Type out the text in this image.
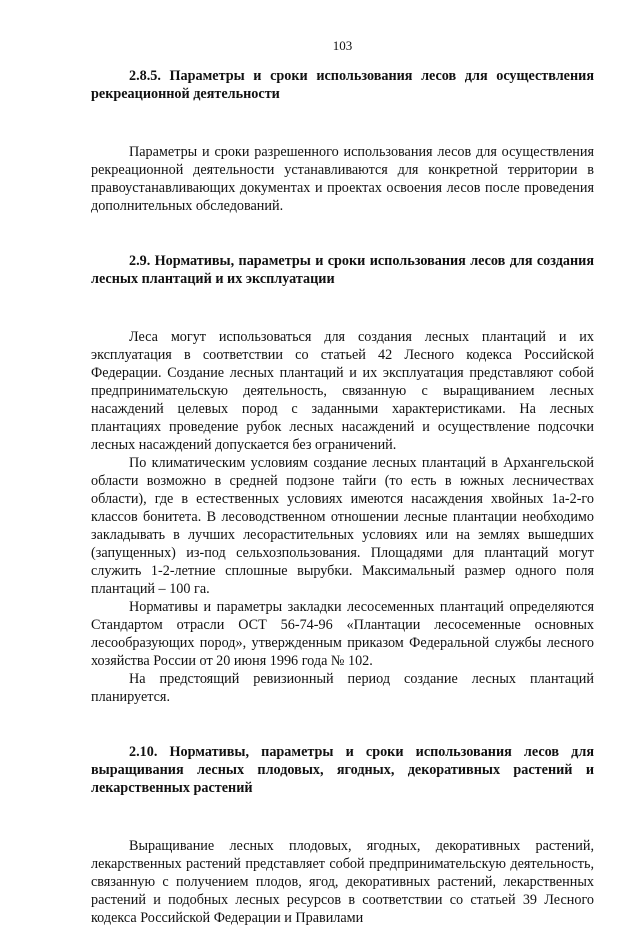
103

2.8.5. Параметры и сроки использования лесов для осуществления рекреационной деятельности

Параметры и сроки разрешенного использования лесов для осуществления рекреационной деятельности устанавливаются для конкретной территории в правоустанавливающих документах и проектах освоения лесов после проведения дополнительных обследований.

2.9. Нормативы, параметры и сроки использования лесов для создания лесных плантаций и их эксплуатации

Леса могут использоваться для создания лесных плантаций и их эксплуатация в соответствии со статьей 42 Лесного кодекса Российской Федерации. Создание лесных плантаций и их эксплуатация представляют собой предпринимательскую деятельность, связанную с выращиванием лесных насаждений целевых пород с заданными характеристиками. На лесных плантациях проведение рубок лесных насаждений и осуществление подсочки лесных насаждений допускается без ограничений.

По климатическим условиям создание лесных плантаций в Архангельской области возможно в средней подзоне тайги (то есть в южных лесничествах области), где в естественных условиях имеются насаждения хвойных 1а-2-го классов бонитета. В лесоводственном отношении лесные плантации необходимо закладывать в лучших лесорастительных условиях или на землях вышедших (запущенных) из-под сельхозпользования. Площадями для плантаций могут служить 1-2-летние сплошные вырубки. Максимальный размер одного поля плантаций – 100 га.

Нормативы и параметры закладки лесосеменных плантаций определяются Стандартом отрасли ОСТ 56-74-96 «Плантации лесосеменные основных лесообразующих пород», утвержденным приказом Федеральной службы лесного хозяйства России от 20 июня 1996 года № 102.

На предстоящий ревизионный период создание лесных плантаций планируется.

2.10. Нормативы, параметры и сроки использования лесов для выращивания лесных плодовых, ягодных, декоративных растений и лекарственных растений

Выращивание лесных плодовых, ягодных, декоративных растений, лекарственных растений представляет собой предпринимательскую деятельность, связанную с получением плодов, ягод, декоративных растений, лекарственных растений и подобных лесных ресурсов в соответствии со статьей 39 Лесного кодекса Российской Федерации и Правилами
